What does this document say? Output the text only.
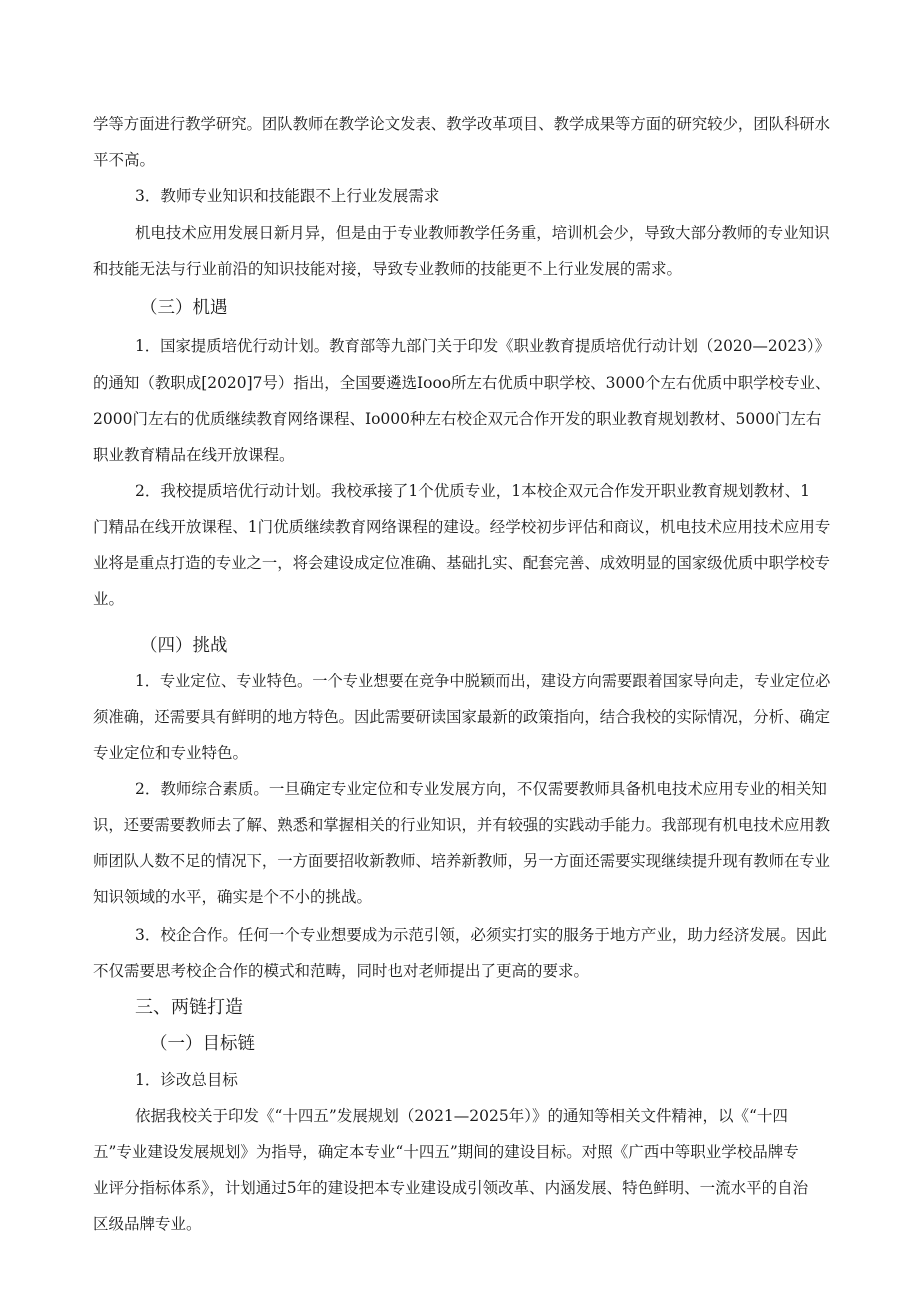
学等方面进行教学研究。团队教师在教学论文发表、教学改革项目、教学成果等方面的研究较少，团队科研水
平不高。
3．教师专业知识和技能跟不上行业发展需求
机电技术应用发展日新月异，但是由于专业教师教学任务重，培训机会少，导致大部分教师的专业知识
和技能无法与行业前沿的知识技能对接，导致专业教师的技能更不上行业发展的需求。
（三）机遇
1．国家提质培优行动计划。教育部等九部门关于印发《职业教育提质培优行动计划（2020—2023）》
的通知（教职成[2020]7号）指出，全国要遴选Iooo所左右优质中职学校、3000个左右优质中职学校专业、
2000门左右的优质继续教育网络课程、Io000种左右校企双元合作开发的职业教育规划教材、5000门左右
职业教育精品在线开放课程。
2．我校提质培优行动计划。我校承接了1个优质专业，1本校企双元合作发开职业教育规划教材、1
门精品在线开放课程、1门优质继续教育网络课程的建设。经学校初步评估和商议，机电技术应用技术应用专
业将是重点打造的专业之一，将会建设成定位准确、基础扎实、配套完善、成效明显的国家级优质中职学校专
业。
（四）挑战
1．专业定位、专业特色。一个专业想要在竞争中脱颖而出，建设方向需要跟着国家导向走，专业定位必
须准确，还需要具有鲜明的地方特色。因此需要研读国家最新的政策指向，结合我校的实际情况，分析、确定
专业定位和专业特色。
2．教师综合素质。一旦确定专业定位和专业发展方向，不仅需要教师具备机电技术应用专业的相关知
识，还要需要教师去了解、熟悉和掌握相关的行业知识，并有较强的实践动手能力。我部现有机电技术应用教
师团队人数不足的情况下，一方面要招收新教师、培养新教师，另一方面还需要实现继续提升现有教师在专业
知识领域的水平，确实是个不小的挑战。
3．校企合作。任何一个专业想要成为示范引领，必须实打实的服务于地方产业，助力经济发展。因此
不仅需要思考校企合作的模式和范畴，同时也对老师提出了更高的要求。
三、两链打造
（一）目标链
1．诊改总目标
依据我校关于印发《“十四五”发展规划（2021—2025年）》的通知等相关文件精神，以《“十四
五”专业建设发展规划》为指导，确定本专业“十四五”期间的建设目标。对照《广西中等职业学校品牌专
业评分指标体系》，计划通过5年的建设把本专业建设成引领改革、内涵发展、特色鲜明、一流水平的自治
区级品牌专业。
